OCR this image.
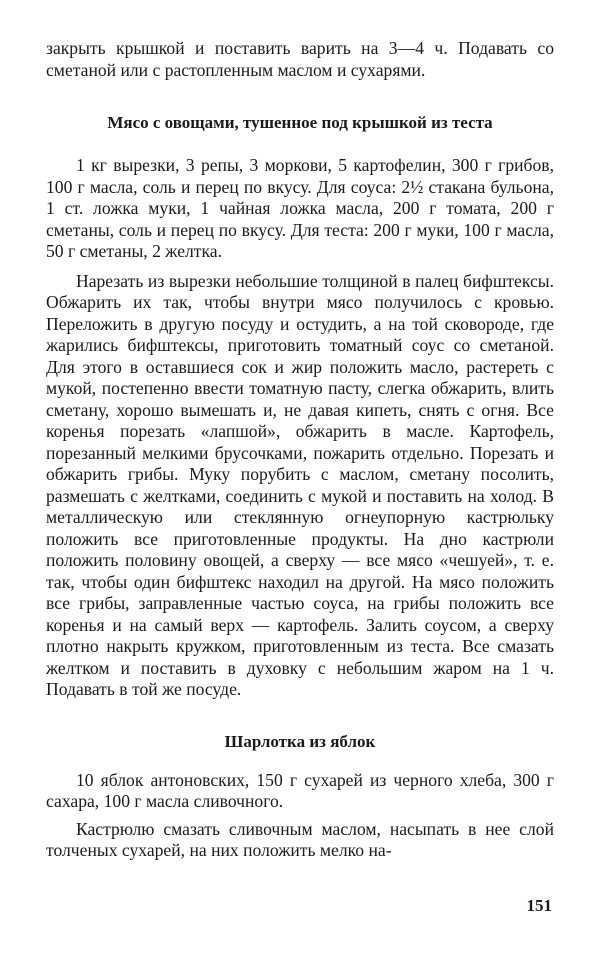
закрыть крышкой и поставить варить на 3—4 ч. Подавать со сметаной или с растопленным маслом и сухарями.

Мясо с овощами, тушенное под крышкой из теста

1 кг вырезки, 3 репы, 3 моркови, 5 картофелин, 300 г грибов, 100 г масла, соль и перец по вкусу. Для соуса: 2½ стакана бульона, 1 ст. ложка муки, 1 чайная ложка масла, 200 г томата, 200 г сметаны, соль и перец по вкусу. Для теста: 200 г муки, 100 г масла, 50 г сметаны, 2 желтка.

Нарезать из вырезки небольшие толщиной в палец бифштексы. Обжарить их так, чтобы внутри мясо получилось с кровью. Переложить в другую посуду и остудить, а на той сковороде, где жарились бифштексы, приготовить томатный соус со сметаной. Для этого в оставшиеся сок и жир положить масло, растереть с мукой, постепенно ввести томатную пасту, слегка обжарить, влить сметану, хорошо вымешать и, не давая кипеть, снять с огня. Все коренья порезать «лапшой», обжарить в масле. Картофель, порезанный мелкими брусочками, пожарить отдельно. Порезать и обжарить грибы. Муку порубить с маслом, сметану посолить, размешать с желтками, соединить с мукой и поставить на холод. В металлическую или стеклянную огнеупорную кастрюльку положить все приготовленные продукты. На дно кастрюли положить половину овощей, а сверху — все мясо «чешуей», т. е. так, чтобы один бифштекс находил на другой. На мясо положить все грибы, заправленные частью соуса, на грибы положить все коренья и на самый верх — картофель. Залить соусом, а сверху плотно накрыть кружком, приготовленным из теста. Все смазать желтком и поставить в духовку с небольшим жаром на 1 ч. Подавать в той же посуде.

Шарлотка из яблок

10 яблок антоновских, 150 г сухарей из черного хлеба, 300 г сахара, 100 г масла сливочного.

Кастрюлю смазать сливочным маслом, насыпать в нее слой толченых сухарей, на них положить мелко на-

151
